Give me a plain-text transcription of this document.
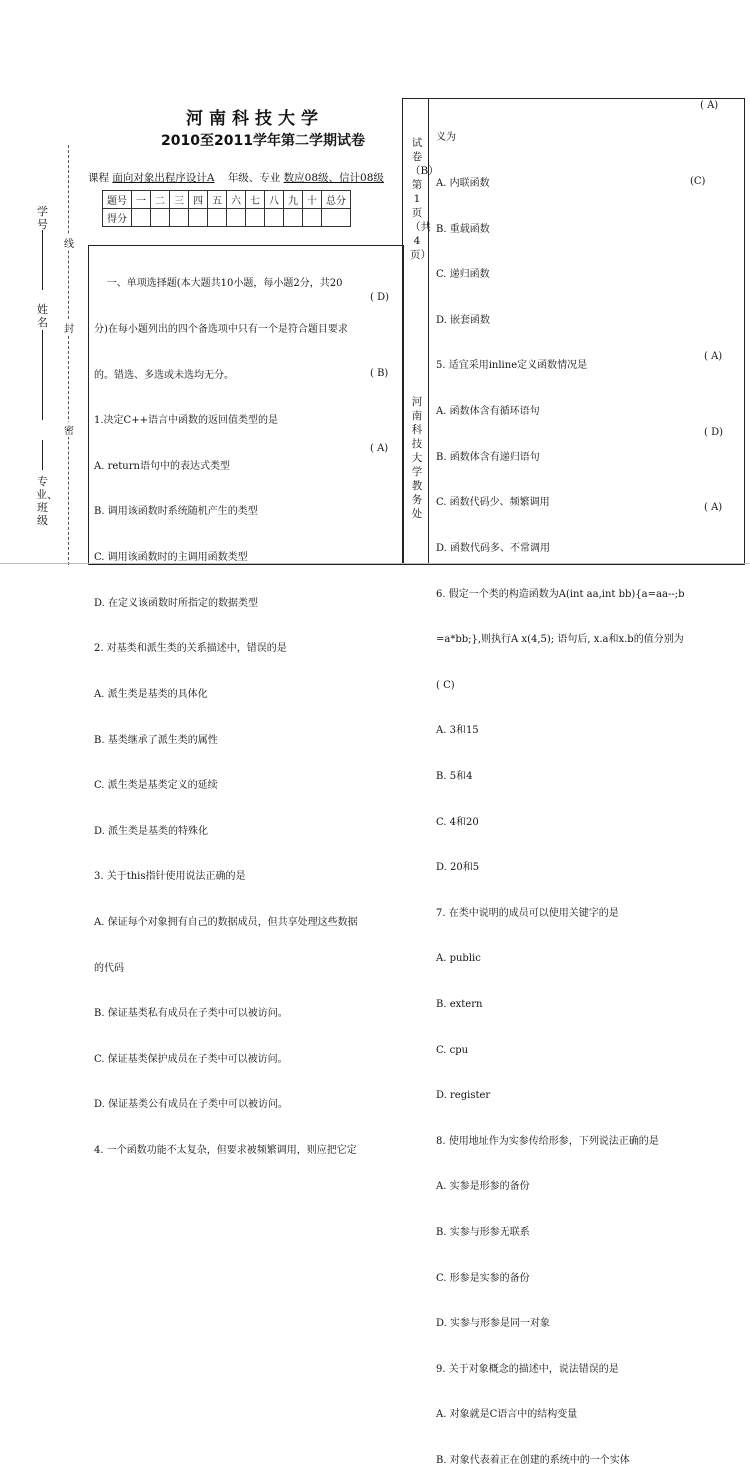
学号
姓名
专业、班级
线
封
密
河南科技大学
2010至2011学年第二学期试卷
课程 面向对象出程序设计A 年级、专业 数应08级、信计08级
题号	一	二	三	四	五	六	七	八	九	十	总分
得分											
试卷（B）第1页（共4页）
河南科技大学教务处

一、单项选择题(本大题共10小题，每小题2分，共20

分)在每小题列出的四个备选项中只有一个是符合题目要求

的。错选、多选或未选均无分。

1.决定C++语言中函数的返回值类型的是

A. return语句中的表达式类型

B. 调用该函数时系统随机产生的类型

C. 调用该函数时的主调用函数类型

D. 在定义该函数时所指定的数据类型

2. 对基类和派生类的关系描述中，错误的是

A. 派生类是基类的具体化

B. 基类继承了派生类的属性

C. 派生类是基类定义的延续

D. 派生类是基类的特殊化

3. 关于this指针使用说法正确的是

A. 保证每个对象拥有自己的数据成员，但共享处理这些数据

的代码

B. 保证基类私有成员在子类中可以被访问。

C. 保证基类保护成员在子类中可以被访问。

D. 保证基类公有成员在子类中可以被访问。

4. 一个函数功能不太复杂，但要求被频繁调用，则应把它定

( D)
( B)
( A)

义为

A. 内联函数

B. 重载函数

C. 递归函数

D. 嵌套函数

5. 适宜采用inline定义函数情况是

A. 函数体含有循环语句

B. 函数体含有递归语句

C. 函数代码少、频繁调用

D. 函数代码多、不常调用

6. 假定一个类的构造函数为A(int aa,int bb){a=aa--;b

=a*bb;},则执行A x(4,5); 语句后, x.a和x.b的值分别为

( C)

A. 3和15

B. 5和4

C. 4和20

D. 20和5

7. 在类中说明的成员可以使用关键字的是

A. public

B. extern

C. cpu

D. register

8. 使用地址作为实参传给形参，下列说法正确的是

A. 实参是形参的备份

B. 实参与形参无联系

C. 形参是实参的备份

D. 实参与形参是同一对象

9. 关于对象概念的描述中，说法错误的是

A. 对象就是C语言中的结构变量

B. 对象代表着正在创建的系统中的一个实体

( A)
(C)
( A)
( D)
( A)
